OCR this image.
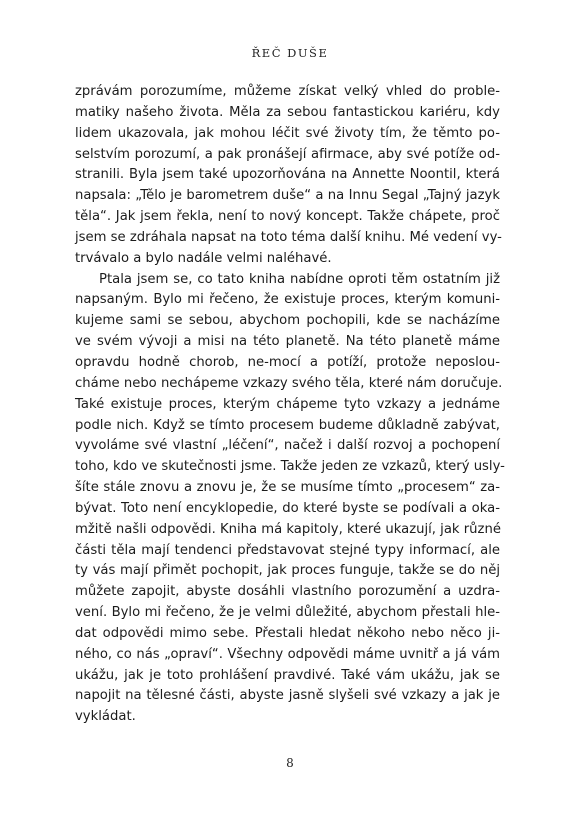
ŘEČ DUŠE
zprávám porozumíme, můžeme získat velký vhled do proble-
matiky našeho života. Měla za sebou fantastickou kariéru, kdy
lidem ukazovala, jak mohou léčit své životy tím, že těmto po-
selstvím porozumí, a pak pronášejí afirmace, aby své potíže od-
stranili. Byla jsem také upozorňována na Annette Noontil, která
napsala: „Tělo je barometrem duše“ a na Innu Segal „Tajný jazyk
těla“. Jak jsem řekla, není to nový koncept. Takže chápete, proč
jsem se zdráhala napsat na toto téma další knihu. Mé vedení vy-
trvávalo a bylo nadále velmi naléhavé.
Ptala jsem se, co tato kniha nabídne oproti těm ostatním již
napsaným. Bylo mi řečeno, že existuje proces, kterým komuni-
kujeme sami se sebou, abychom pochopili, kde se nacházíme
ve svém vývoji a misi na této planetě. Na této planetě máme
opravdu hodně chorob, ne-mocí a potíží, protože neposlou-
cháme nebo nechápeme vzkazy svého těla, které nám doručuje.
Také existuje proces, kterým chápeme tyto vzkazy a jednáme
podle nich. Když se tímto procesem budeme důkladně zabývat,
vyvoláme své vlastní „léčení“, načež i další rozvoj a pochopení
toho, kdo ve skutečnosti jsme. Takže jeden ze vzkazů, který usly-
šíte stále znovu a znovu je, že se musíme tímto „procesem“ za-
bývat. Toto není encyklopedie, do které byste se podívali a oka-
mžitě našli odpovědi. Kniha má kapitoly, které ukazují, jak různé
části těla mají tendenci představovat stejné typy informací, ale
ty vás mají přimět pochopit, jak proces funguje, takže se do něj
můžete zapojit, abyste dosáhli vlastního porozumění a uzdra-
vení. Bylo mi řečeno, že je velmi důležité, abychom přestali hle-
dat odpovědi mimo sebe. Přestali hledat někoho nebo něco ji-
ného, co nás „opraví“. Všechny odpovědi máme uvnitř a já vám
ukážu, jak je toto prohlášení pravdivé. Také vám ukážu, jak se
napojit na tělesné části, abyste jasně slyšeli své vzkazy a jak je
vykládat.
8
